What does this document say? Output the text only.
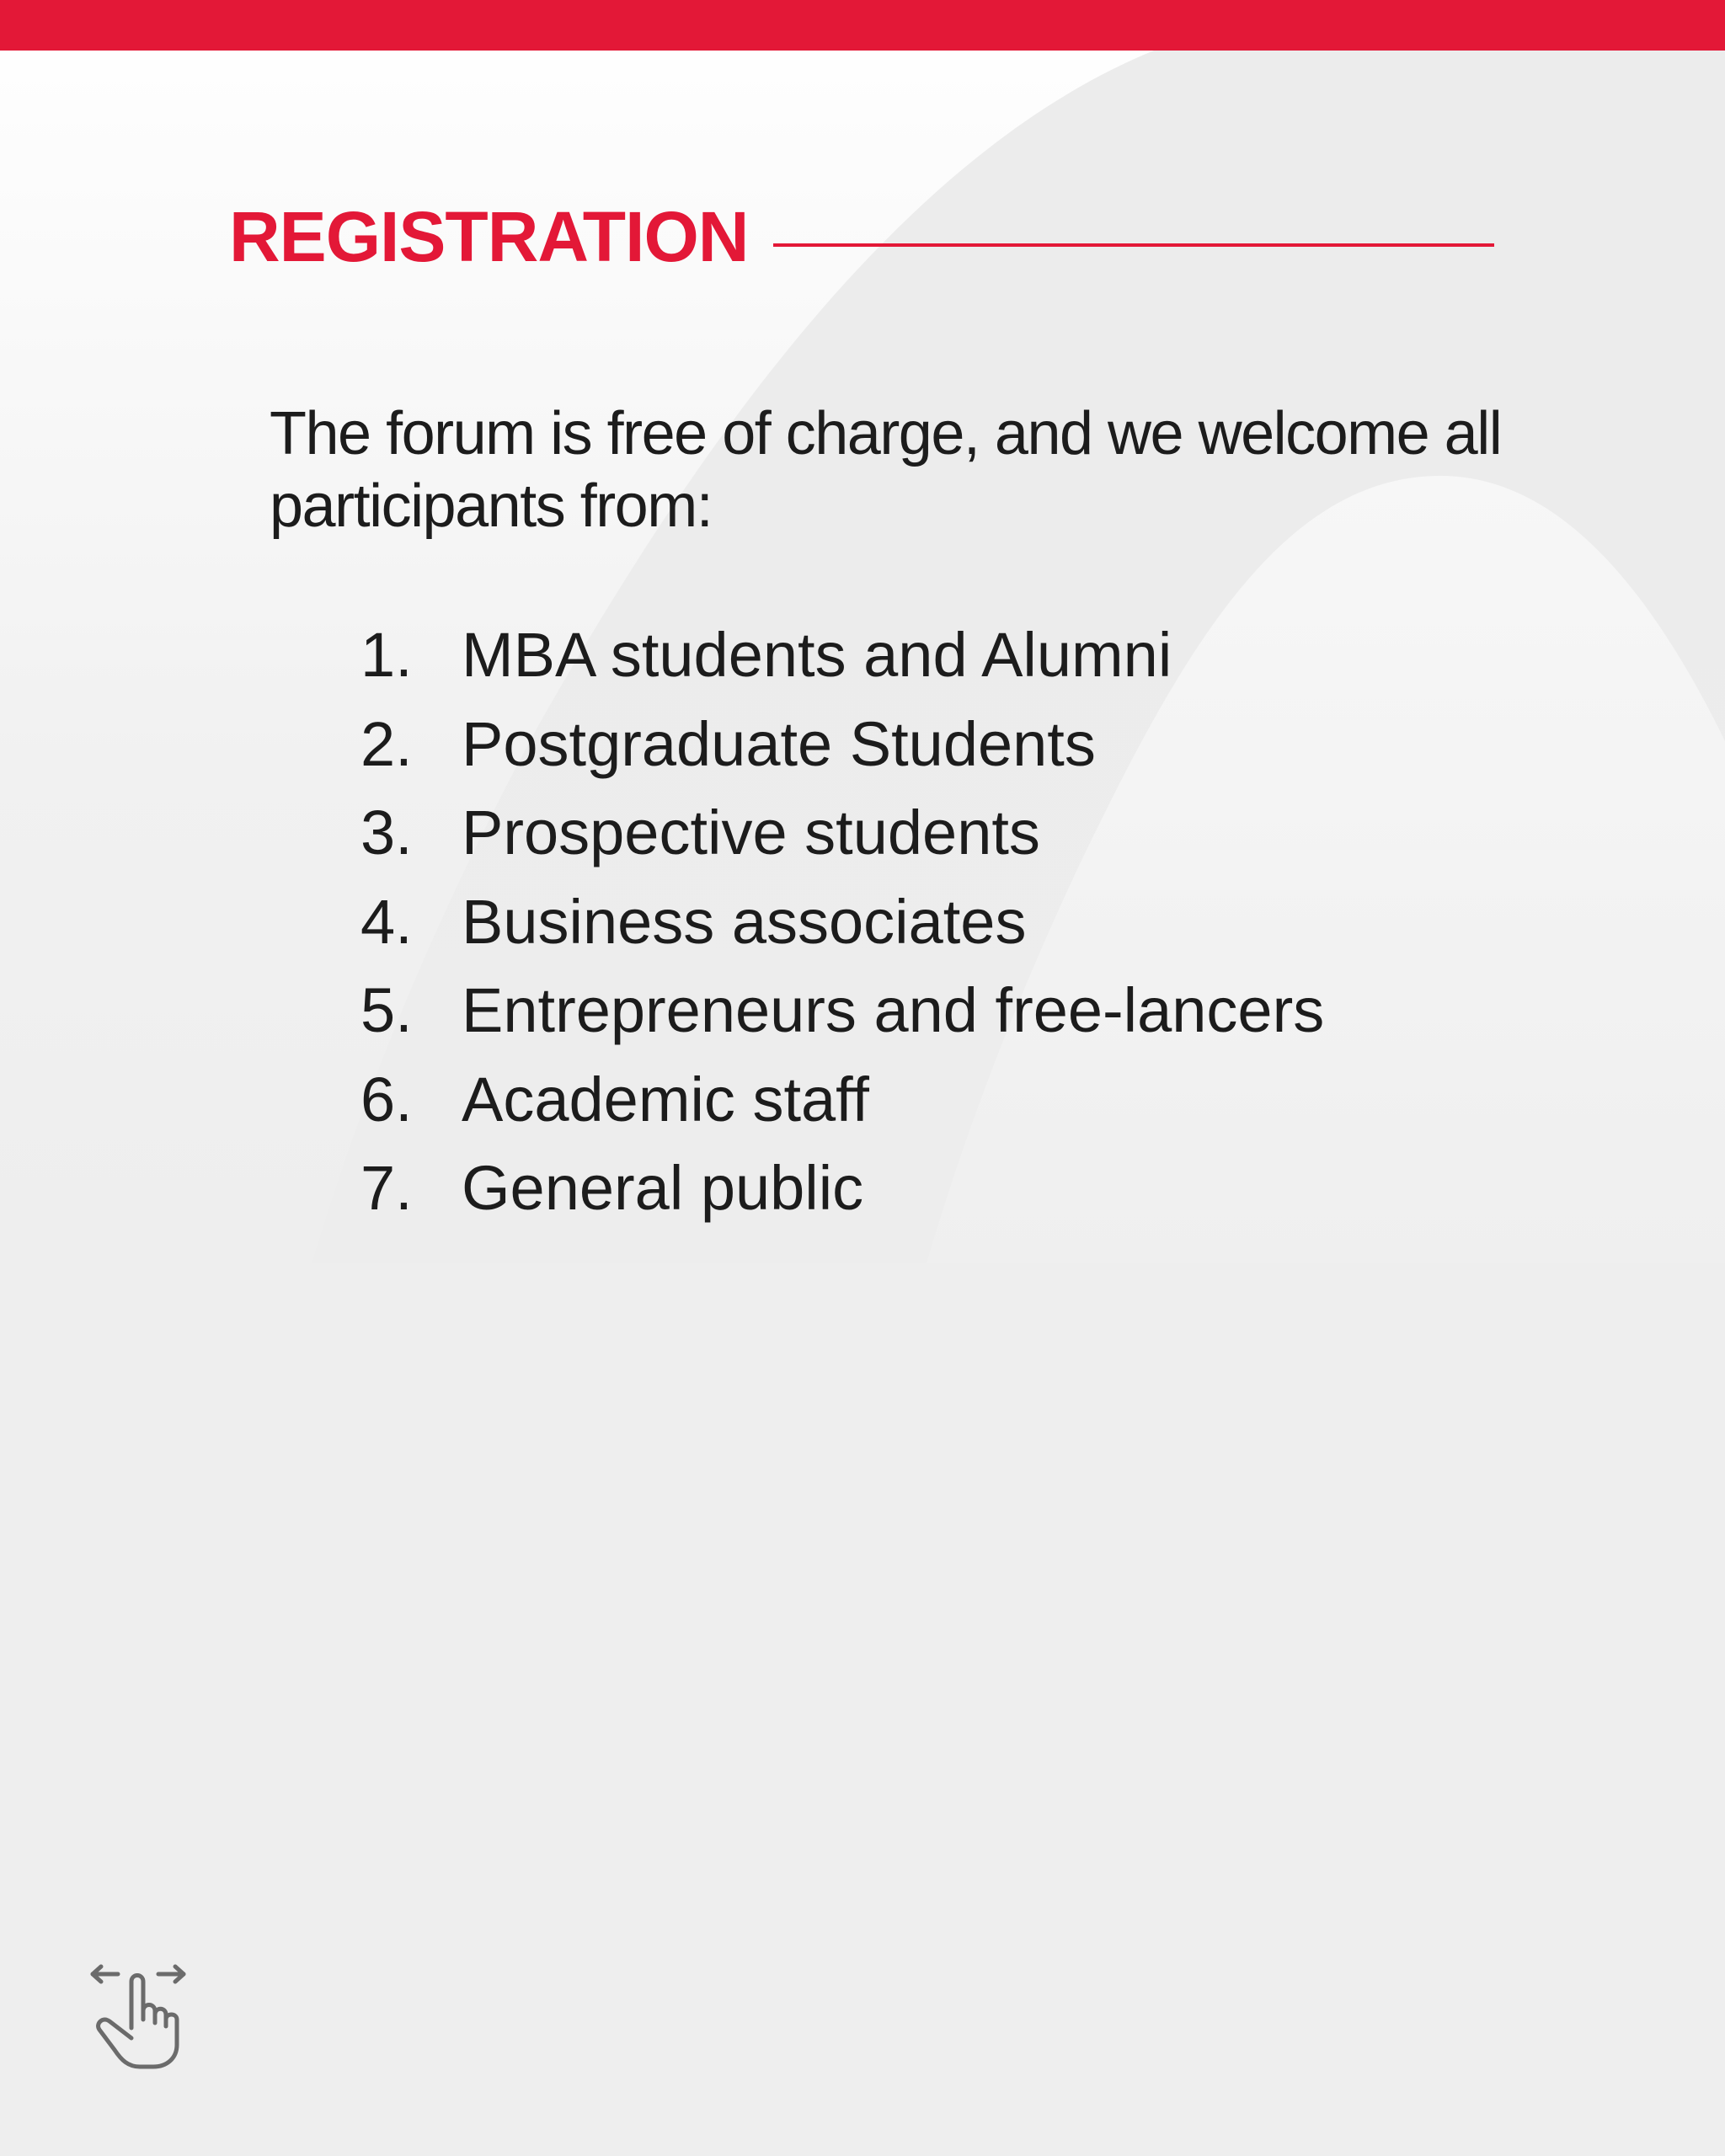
REGISTRATION

The forum is free of charge, and we welcome all participants from:

1. MBA students and Alumni
2. Postgraduate Students
3. Prospective students
4. Business associates
5. Entrepreneurs and free-lancers
6. Academic staff
7. General public
